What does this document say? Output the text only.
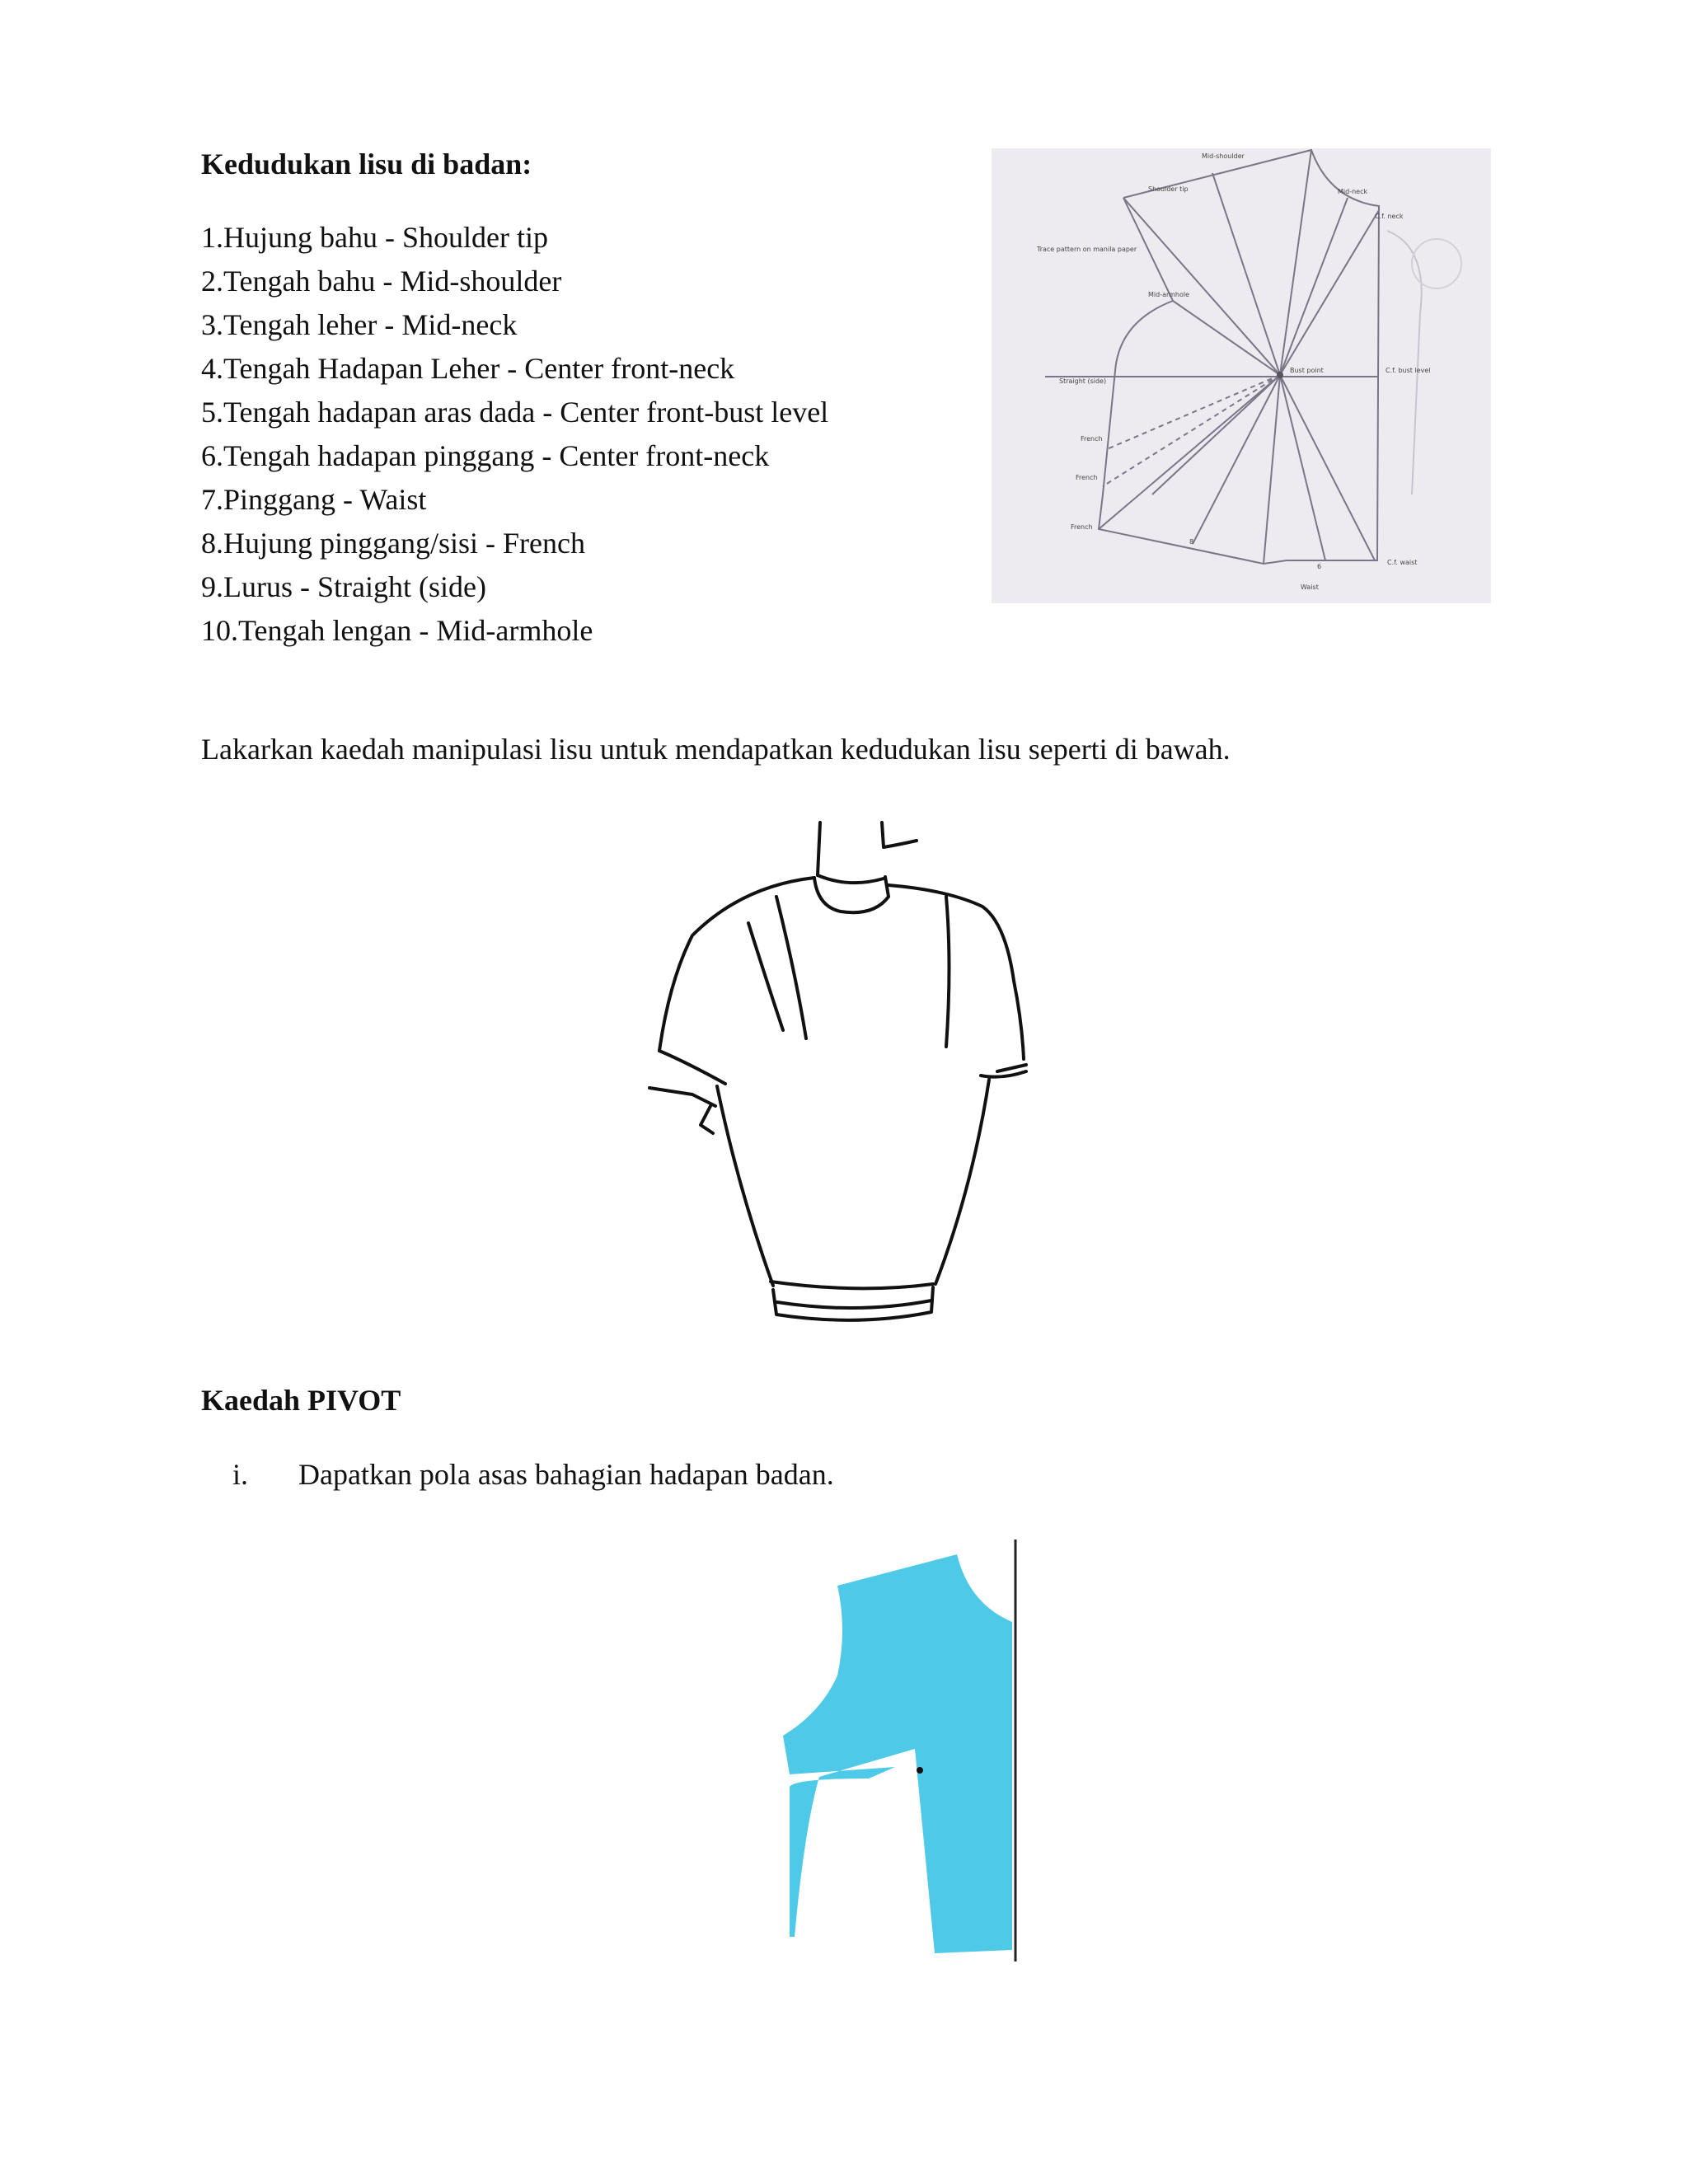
Kedudukan lisu di badan:
1.Hujung bahu - Shoulder tip
2.Tengah bahu - Mid-shoulder
3.Tengah leher - Mid-neck
4.Tengah Hadapan Leher - Center front-neck
5.Tengah hadapan aras dada - Center front-bust level
6.Tengah hadapan pinggang - Center front-neck
7.Pinggang - Waist
8.Hujung pinggang/sisi - French
9.Lurus - Straight (side)
10.Tengah lengan - Mid-armhole
Mid-shoulder
Shoulder tip	Mid-neck
C.f. neck
Trace pattern on manila paper
Mid-armhole
Bust point	C.f. bust level
Straight (side)
French
French
French
8
6
Waist
C.f. waist
Lakarkan kaedah manipulasi lisu untuk mendapatkan kedudukan lisu seperti di bawah.
Kaedah PIVOT
i. Dapatkan pola asas bahagian hadapan badan.
